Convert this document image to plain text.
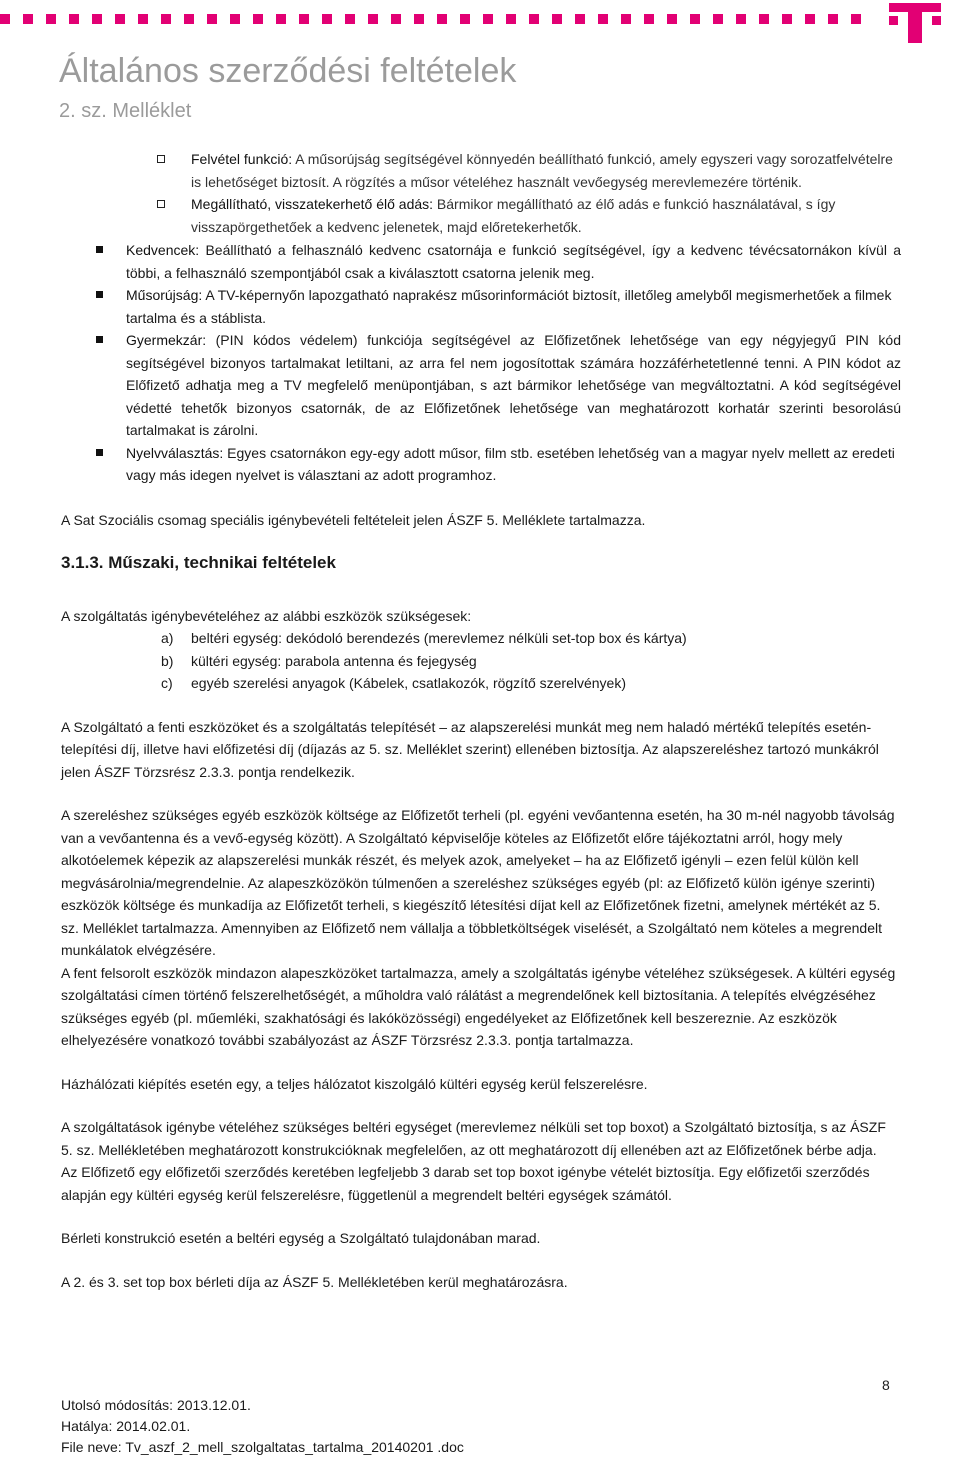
Általános szerződési feltételek
2. sz. Melléklet
Felvétel funkció: A műsorújság segítségével könnyedén beállítható funkció, amely egyszeri vagy sorozatfelvételre is lehetőséget biztosít. A rögzítés a műsor vételéhez használt vevőegység merevlemezére történik.
Megállítható, visszatekerhető élő adás: Bármikor megállítható az élő adás e funkció használatával, s így visszapörgethetőek a kedvenc jelenetek, majd előretekerhetők.
Kedvencek: Beállítható a felhasználó kedvenc csatornája e funkció segítségével, így a kedvenc tévécsatornákon kívül a többi, a felhasználó szempontjából csak a kiválasztott csatorna jelenik meg.
Műsorújság: A TV-képernyőn lapozgatható naprakész műsorinformációt biztosít, illetőleg amelyből megismerhetőek a filmek tartalma és a stáblista.
Gyermekzár: (PIN kódos védelem) funkciója segítségével az Előfizetőnek lehetősége van egy négyjegyű PIN kód segítségével bizonyos tartalmakat letiltani, az arra fel nem jogosítottak számára hozzáférhetetlenné tenni. A PIN kódot az Előfizető adhatja meg a TV megfelelő menüpontjában, s azt bármikor lehetősége van megváltoztatni. A kód segítségével védetté tehetők bizonyos csatornák, de az Előfizetőnek lehetősége van meghatározott korhatár szerinti besorolású tartalmakat is zárolni.
Nyelvválasztás: Egyes csatornákon egy-egy adott műsor, film stb. esetében lehetőség van a magyar nyelv mellett az eredeti vagy más idegen nyelvet is választani az adott programhoz.

A Sat Szociális csomag speciális igénybevételi feltételeit jelen ÁSZF 5. Melléklete tartalmazza.

3.1.3. Műszaki, technikai feltételek

A szolgáltatás igénybevételéhez az alábbi eszközök szükségesek:

a)	beltéri egység: dekódoló berendezés (merevlemez nélküli set-top box és kártya)
b)	kültéri egység: parabola antenna és fejegység
c)	egyéb szerelési anyagok (Kábelek, csatlakozók, rögzítő szerelvények)

A Szolgáltató a fenti eszközöket és a szolgáltatás telepítését – az alapszerelési munkát meg nem haladó mértékű telepítés esetén- telepítési díj, illetve havi előfizetési díj (díjazás az 5. sz. Melléklet szerint) ellenében biztosítja. Az alapszereléshez tartozó munkákról jelen ÁSZF Törzsrész 2.3.3. pontja rendelkezik.

A szereléshez szükséges egyéb eszközök költsége az Előfizetőt terheli (pl. egyéni vevőantenna esetén, ha 30 m-nél nagyobb távolság van a vevőantenna és a vevő-egység között). A Szolgáltató képviselője köteles az Előfizetőt előre tájékoztatni arról, hogy mely alkotóelemek képezik az alapszerelési munkák részét, és melyek azok, amelyeket – ha az Előfizető igényli – ezen felül külön kell megvásárolnia/megrendelnie. Az alapeszközökön túlmenően a szereléshez szükséges egyéb (pl: az Előfizető külön igénye szerinti) eszközök költsége és munkadíja az Előfizetőt terheli, s kiegészítő létesítési díjat kell az Előfizetőnek fizetni, amelynek mértékét az 5. sz. Melléklet tartalmazza. Amennyiben az Előfizető nem vállalja a többletköltségek viselését, a Szolgáltató nem köteles a megrendelt munkálatok elvégzésére.

A fent felsorolt eszközök mindazon alapeszközöket tartalmazza, amely a szolgáltatás igénybe vételéhez szükségesek. A kültéri egység szolgáltatási címen történő felszerelhetőségét, a műholdra való rálátást a megrendelőnek kell biztosítania. A telepítés elvégzéséhez szükséges egyéb (pl. műemléki, szakhatósági és lakóközösségi) engedélyeket az Előfizetőnek kell beszereznie. Az eszközök elhelyezésére vonatkozó további szabályozást az ÁSZF Törzsrész 2.3.3. pontja tartalmazza.

Házhálózati kiépítés esetén egy, a teljes hálózatot kiszolgáló kültéri egység kerül felszerelésre.

A szolgáltatások igénybe vételéhez szükséges beltéri egységet (merevlemez nélküli set top boxot) a Szolgáltató biztosítja, s az ÁSZF 5. sz. Mellékletében meghatározott konstrukcióknak megfelelően, az ott meghatározott díj ellenében azt az Előfizetőnek bérbe adja.

Az Előfizető egy előfizetői szerződés keretében legfeljebb 3 darab set top boxot igénybe vételét biztosítja. Egy előfizetői szerződés alapján egy kültéri egység kerül felszerelésre, függetlenül a megrendelt beltéri egységek számától.

Bérleti konstrukció esetén a beltéri egység a Szolgáltató tulajdonában marad.

A 2. és 3. set top box bérleti díja az ÁSZF 5. Mellékletében kerül meghatározásra.

8
Utolsó módosítás: 2013.12.01.
Hatálya: 2014.02.01.
File neve: Tv_aszf_2_mell_szolgaltatas_tartalma_20140201 .doc
